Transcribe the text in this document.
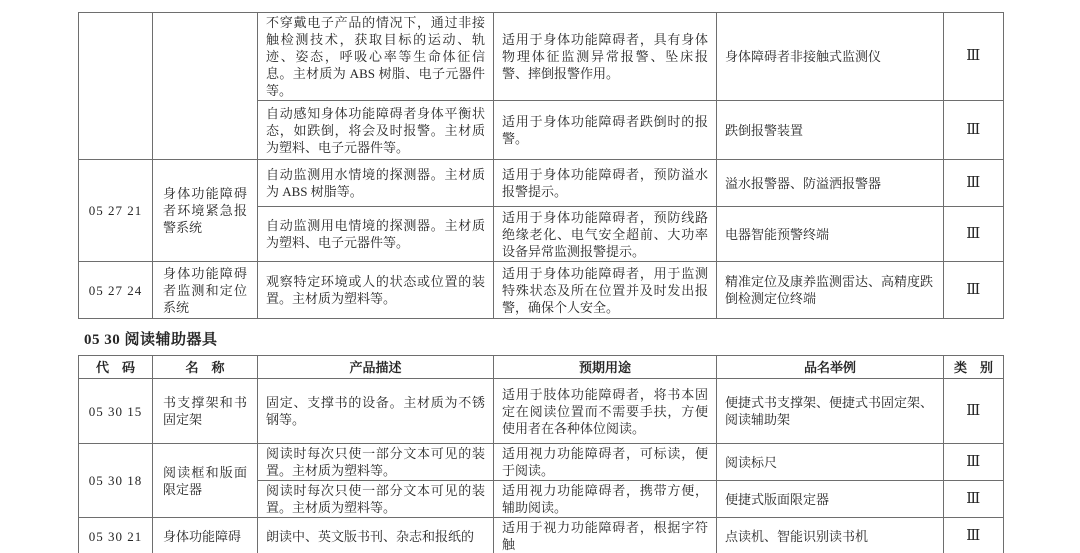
		不穿戴电子产品的情况下，通过非接触检测技术，获取目标的运动、轨迹、姿态，呼吸心率等生命体征信息。主材质为 ABS 树脂、电子元器件等。	适用于身体功能障碍者，具有身体物理体征监测异常报警、坠床报警、摔倒报警作用。	身体障碍者非接触式监测仪	Ⅲ
		自动感知身体功能障碍者身体平衡状态，如跌倒，将会及时报警。主材质为塑料、电子元器件等。	适用于身体功能障碍者跌倒时的报警。	跌倒报警装置	Ⅲ
05 27 21	身体功能障碍者环境紧急报警系统	自动监测用水情境的探测器。主材质为 ABS 树脂等。	适用于身体功能障碍者，预防溢水报警提示。	溢水报警器、防溢洒报警器	Ⅲ
		自动监测用电情境的探测器。主材质为塑料、电子元器件等。	适用于身体功能障碍者，预防线路绝缘老化、电气安全超前、大功率设备异常监测报警提示。	电器智能预警终端	Ⅲ
05 27 24	身体功能障碍者监测和定位系统	观察特定环境或人的状态或位置的装置。主材质为塑料等。	适用于身体功能障碍者，用于监测特殊状态及所在位置并及时发出报警，确保个人安全。	精准定位及康养监测雷达、高精度跌倒检测定位终端	Ⅲ
05 30 阅读辅助器具
代　码	名　称	产品描述	预期用途	品名举例	类　别
05 30 15	书支撑架和书固定架	固定、支撑书的设备。主材质为不锈钢等。	适用于肢体功能障碍者，将书本固定在阅读位置而不需要手扶，方便使用者在各种体位阅读。	便捷式书支撑架、便捷式书固定架、阅读辅助架	Ⅲ
05 30 18	阅读框和版面限定器	阅读时每次只使一部分文本可见的装置。主材质为塑料等。	适用视力功能障碍者，可标读，便于阅读。	阅读标尺	Ⅲ
		阅读时每次只使一部分文本可见的装置。主材质为塑料等。	适用视力功能障碍者，携带方便，辅助阅读。	便捷式版面限定器	Ⅲ
05 30 21	身体功能障碍	朗读中、英文版书刊、杂志和报纸的	适用于视力功能障碍者，根据字符触	点读机、智能识别读书机	Ⅲ
